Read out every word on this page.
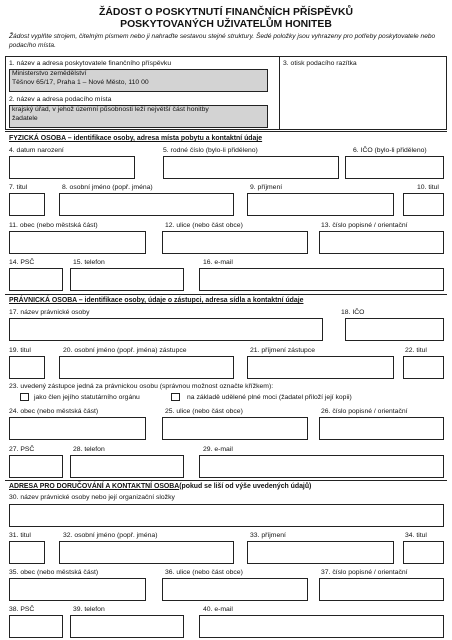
ŽÁDOST O POSKYTNUTÍ FINANČNÍCH PŘÍSPĚVKŮ
POSKYTOVANÝCH UŽIVATELŮM HONITEB
Žádost vyplňte strojem, čitelným písmem nebo ji nahraďte sestavou stejné struktury. Šedé položky jsou vyhrazeny pro potřeby poskytovatele nebo podacího místa.
1. název a adresa poskytovatele finančního příspěvku
Ministerstvo zemědělství
Těšnov 65/17, Praha 1 – Nové Město, 110 00
2. název a adresa podacího místa
krajský úřad, v jehož územní působnosti leží největší část honitby
žadatele
3. otisk podacího razítka
FYZICKÁ OSOBA – identifikace osoby, adresa místa pobytu a kontaktní údaje
4. datum narození	5. rodné číslo (bylo-li přiděleno)	6. IČO (bylo-li přiděleno)
7. titul	8. osobní jméno (popř. jména)	9. příjmení	10. titul
11. obec (nebo městská část)	12. ulice (nebo část obce)	13. číslo popisné / orientační
14. PSČ	15. telefon	16. e-mail
PRÁVNICKÁ OSOBA – identifikace osoby, údaje o zástupci, adresa sídla a kontaktní údaje
17. název právnické osoby	18. IČO
19. titul	20. osobní jméno (popř. jména) zástupce	21. příjmení zástupce	22. titul
23. uvedený zástupce jedná za právnickou osobu (správnou možnost označte křížkem):
jako člen jejího statutárního orgánu	na základě udělené plné moci (žadatel přiloží její kopii)
24. obec (nebo městská část)	25. ulice (nebo část obce)	26. číslo popisné / orientační
27. PSČ	28. telefon	29. e-mail
ADRESA PRO DORUČOVÁNÍ A KONTAKTNÍ OSOBA(pokud se liší od výše uvedených údajů)
30. název právnické osoby nebo její organizační složky
31. titul	32. osobní jméno (popř. jména)	33. příjmení	34. titul
35. obec (nebo městská část)	36. ulice (nebo část obce)	37. číslo popisné / orientační
38. PSČ	39. telefon	40. e-mail
